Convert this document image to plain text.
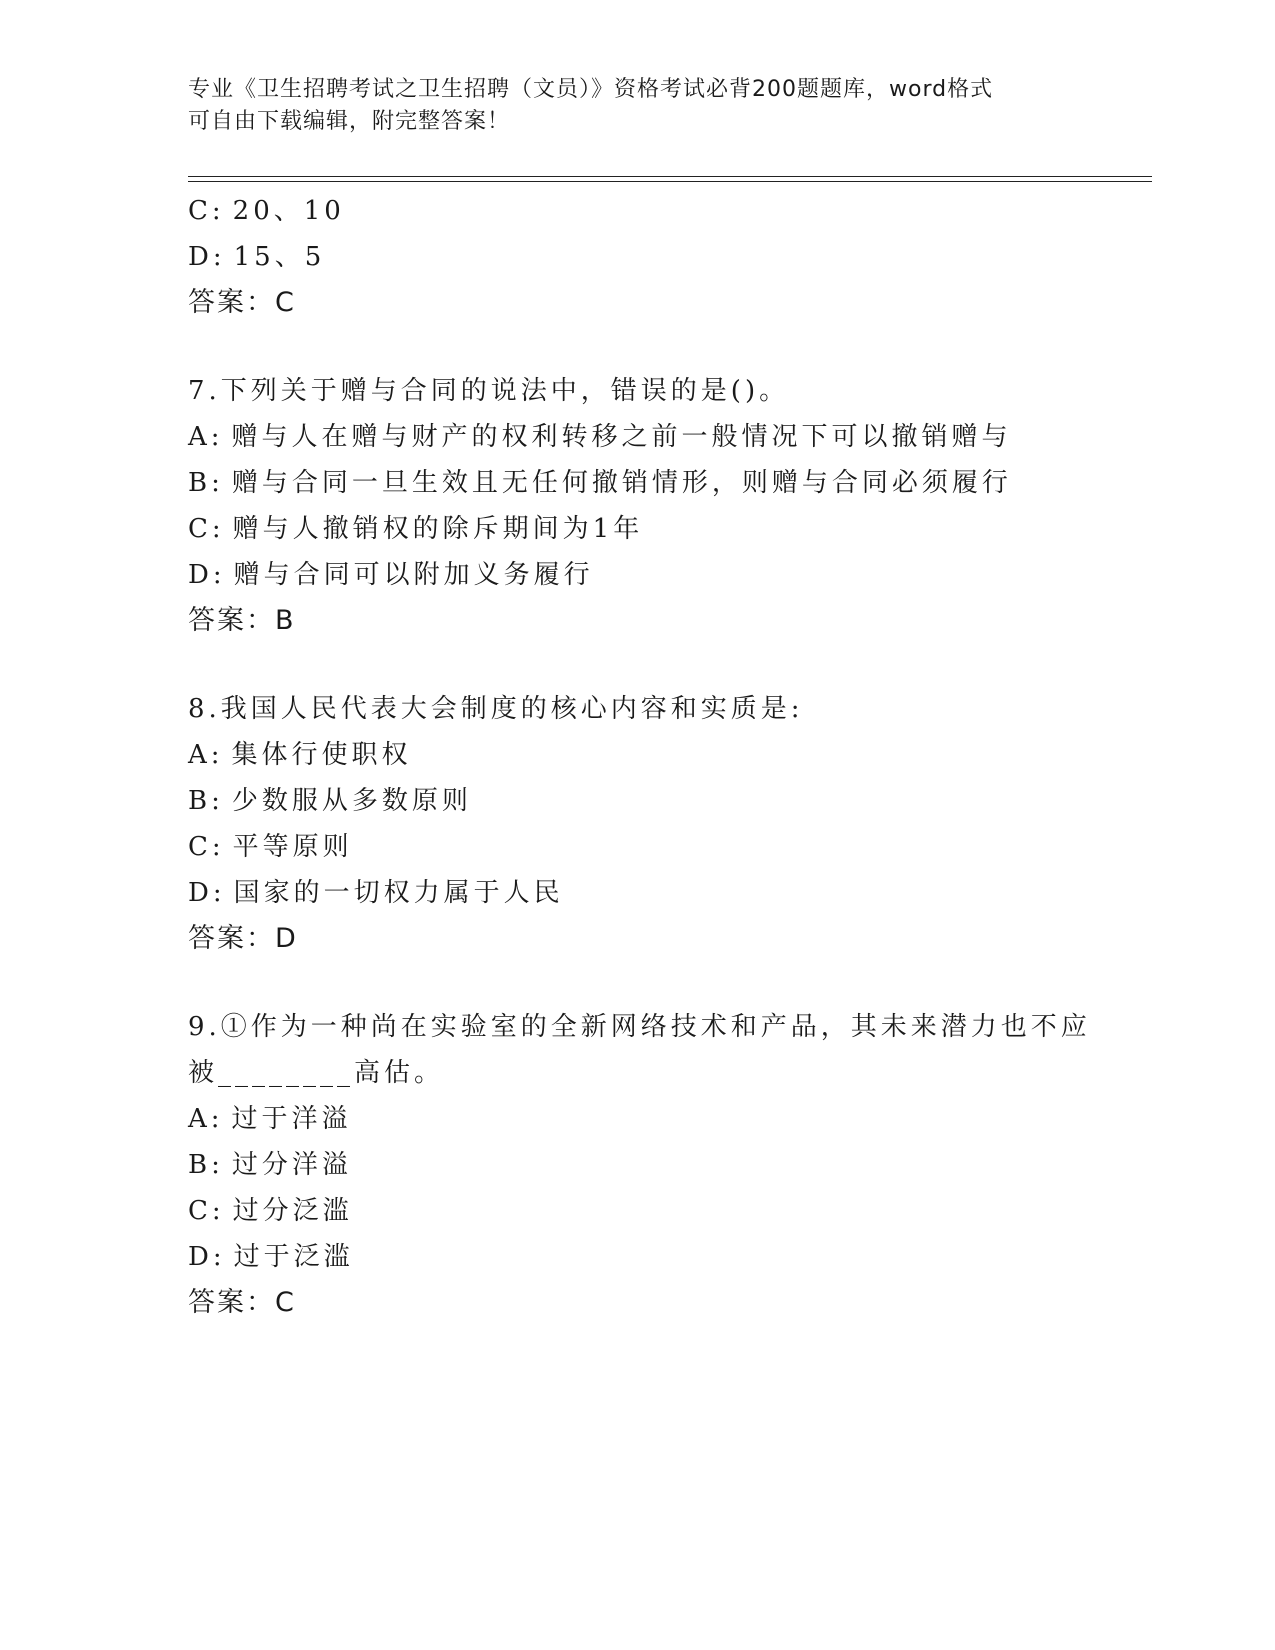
专业《卫生招聘考试之卫生招聘（文员）》资格考试必背200题题库，word格式
可自由下载编辑，附完整答案！
C: 20、10
D: 15、5
答案：C
7.下列关于赠与合同的说法中，错误的是()。
A: 赠与人在赠与财产的权利转移之前一般情况下可以撤销赠与
B: 赠与合同一旦生效且无任何撤销情形，则赠与合同必须履行
C: 赠与人撤销权的除斥期间为1年
D: 赠与合同可以附加义务履行
答案：B
8.我国人民代表大会制度的核心内容和实质是:
A: 集体行使职权
B: 少数服从多数原则
C: 平等原则
D: 国家的一切权力属于人民
答案：D
9.①作为一种尚在实验室的全新网络技术和产品，其未来潜力也不应
被________高估。
A: 过于洋溢
B: 过分洋溢
C: 过分泛滥
D: 过于泛滥
答案：C
